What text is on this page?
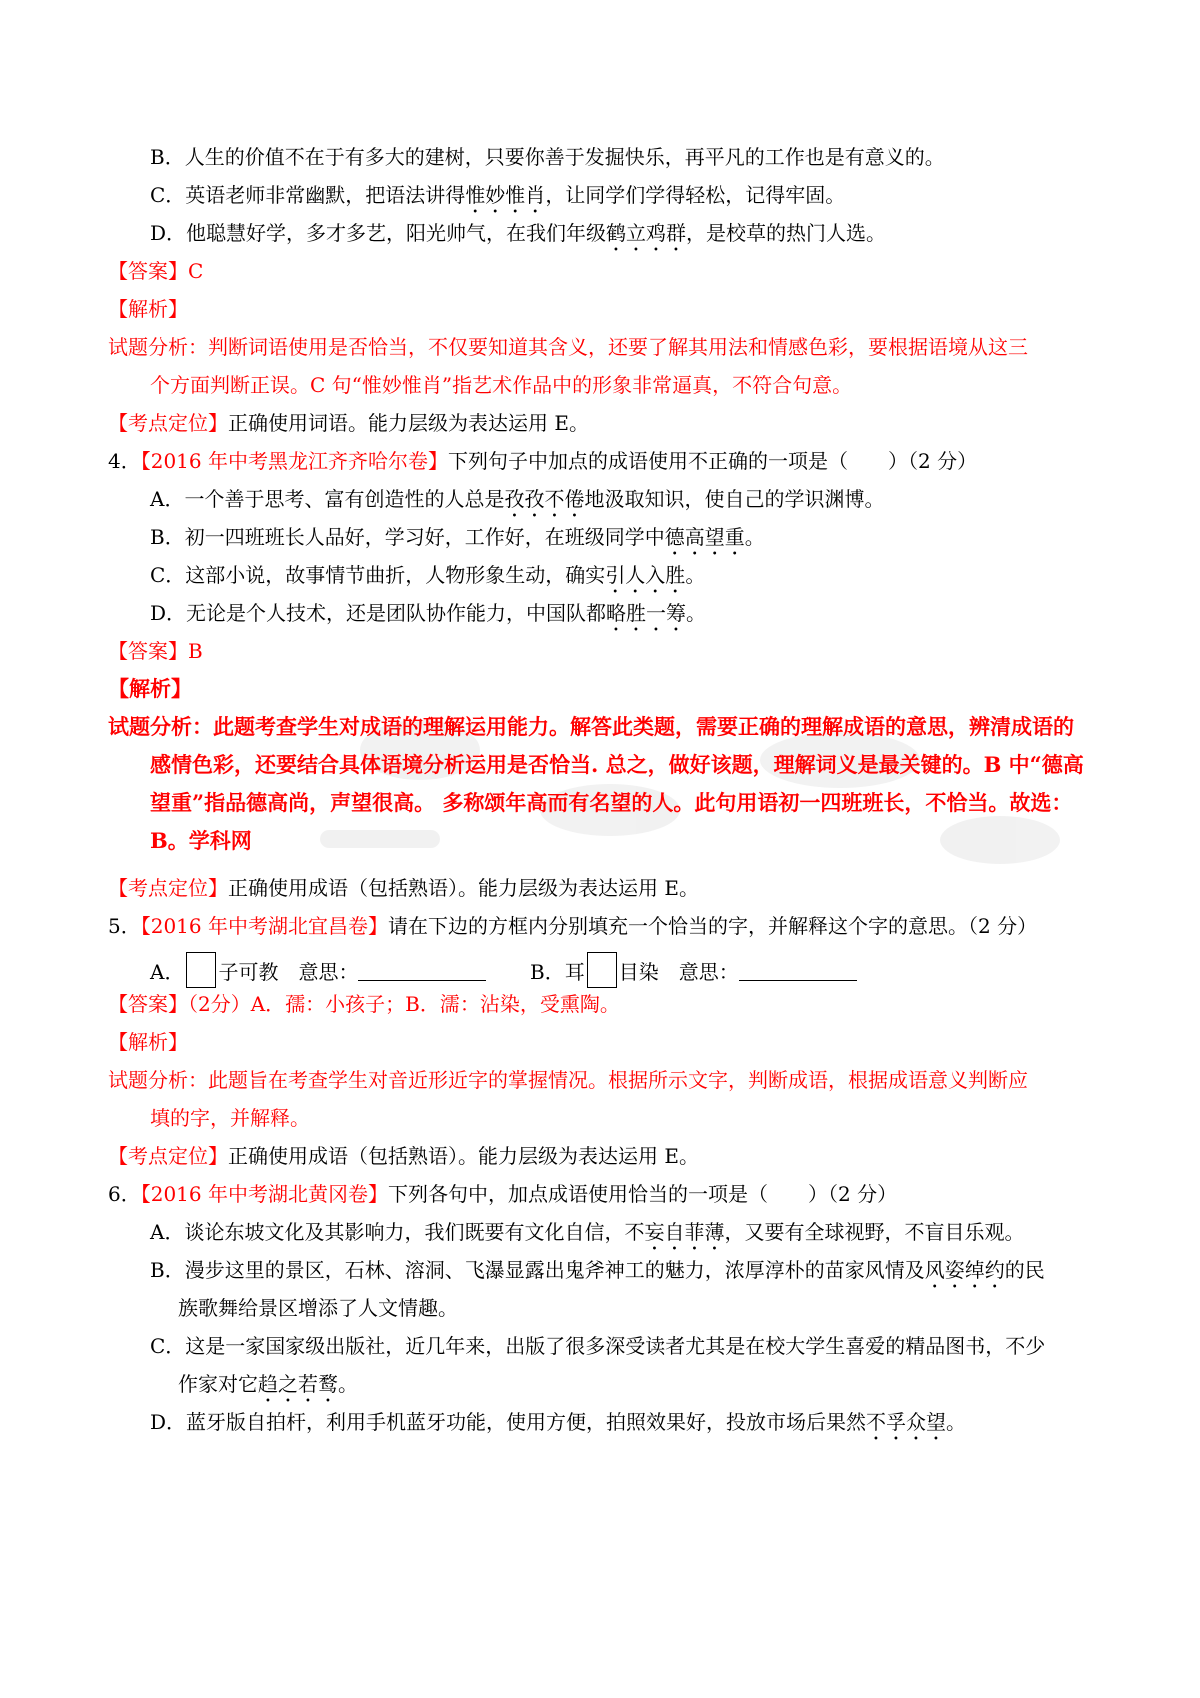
B．人生的价值不在于有多大的建树，只要你善于发掘快乐，再平凡的工作也是有意义的。
C．英语老师非常幽默，把语法讲得惟妙惟肖，让同学们学得轻松，记得牢固。
D．他聪慧好学，多才多艺，阳光帅气，在我们年级鹤立鸡群，是校草的热门人选。
【答案】C
【解析】
试题分析：判断词语使用是否恰当，不仅要知道其含义，还要了解其用法和情感色彩，要根据语境从这三
个方面判断正误。C 句“惟妙惟肖”指艺术作品中的形象非常逼真，不符合句意。
【考点定位】正确使用词语。能力层级为表达运用 E。
4．【2016 年中考黑龙江齐齐哈尔卷】下列句子中加点的成语使用不正确的一项是（　　）（2 分）
A．一个善于思考、富有创造性的人总是孜孜不倦地汲取知识，使自己的学识渊博。
B．初一四班班长人品好，学习好，工作好，在班级同学中德高望重。
C．这部小说，故事情节曲折，人物形象生动，确实引人入胜。
D．无论是个人技术，还是团队协作能力，中国队都略胜一筹。
【答案】B
【解析】
试题分析：此题考查学生对成语的理解运用能力。解答此类题，需要正确的理解成语的意思，辨清成语的
感情色彩，还要结合具体语境分析运用是否恰当. 总之，做好该题，理解词义是最关键的。B 中“德高
望重”指品德高尚，声望很高。 多称颂年高而有名望的人。此句用语初一四班班长，不恰当。故选：
B。学科网
【考点定位】正确使用成语（包括熟语）。能力层级为表达运用 E。
5．【2016 年中考湖北宜昌卷】请在下边的方框内分别填充一个恰当的字，并解释这个字的意思。（2 分）
A． 子可教　意思：	B．耳 目染　意思：
【答案】（2分）A．孺：小孩子；B．濡：沾染，受熏陶。
【解析】
试题分析：此题旨在考查学生对音近形近字的掌握情况。根据所示文字，判断成语，根据成语意义判断应
填的字，并解释。
【考点定位】正确使用成语（包括熟语）。能力层级为表达运用 E。
6．【2016 年中考湖北黄冈卷】下列各句中，加点成语使用恰当的一项是（　　）（2 分）
A．谈论东坡文化及其影响力，我们既要有文化自信，不妄自菲薄，又要有全球视野，不盲目乐观。
B．漫步这里的景区，石林、溶洞、飞瀑显露出鬼斧神工的魅力，浓厚淳朴的苗家风情及风姿绰约的民
族歌舞给景区增添了人文情趣。
C．这是一家国家级出版社，近几年来，出版了很多深受读者尤其是在校大学生喜爱的精品图书，不少
作家对它趋之若鹜。
D．蓝牙版自拍杆，利用手机蓝牙功能，使用方便，拍照效果好，投放市场后果然不孚众望。
